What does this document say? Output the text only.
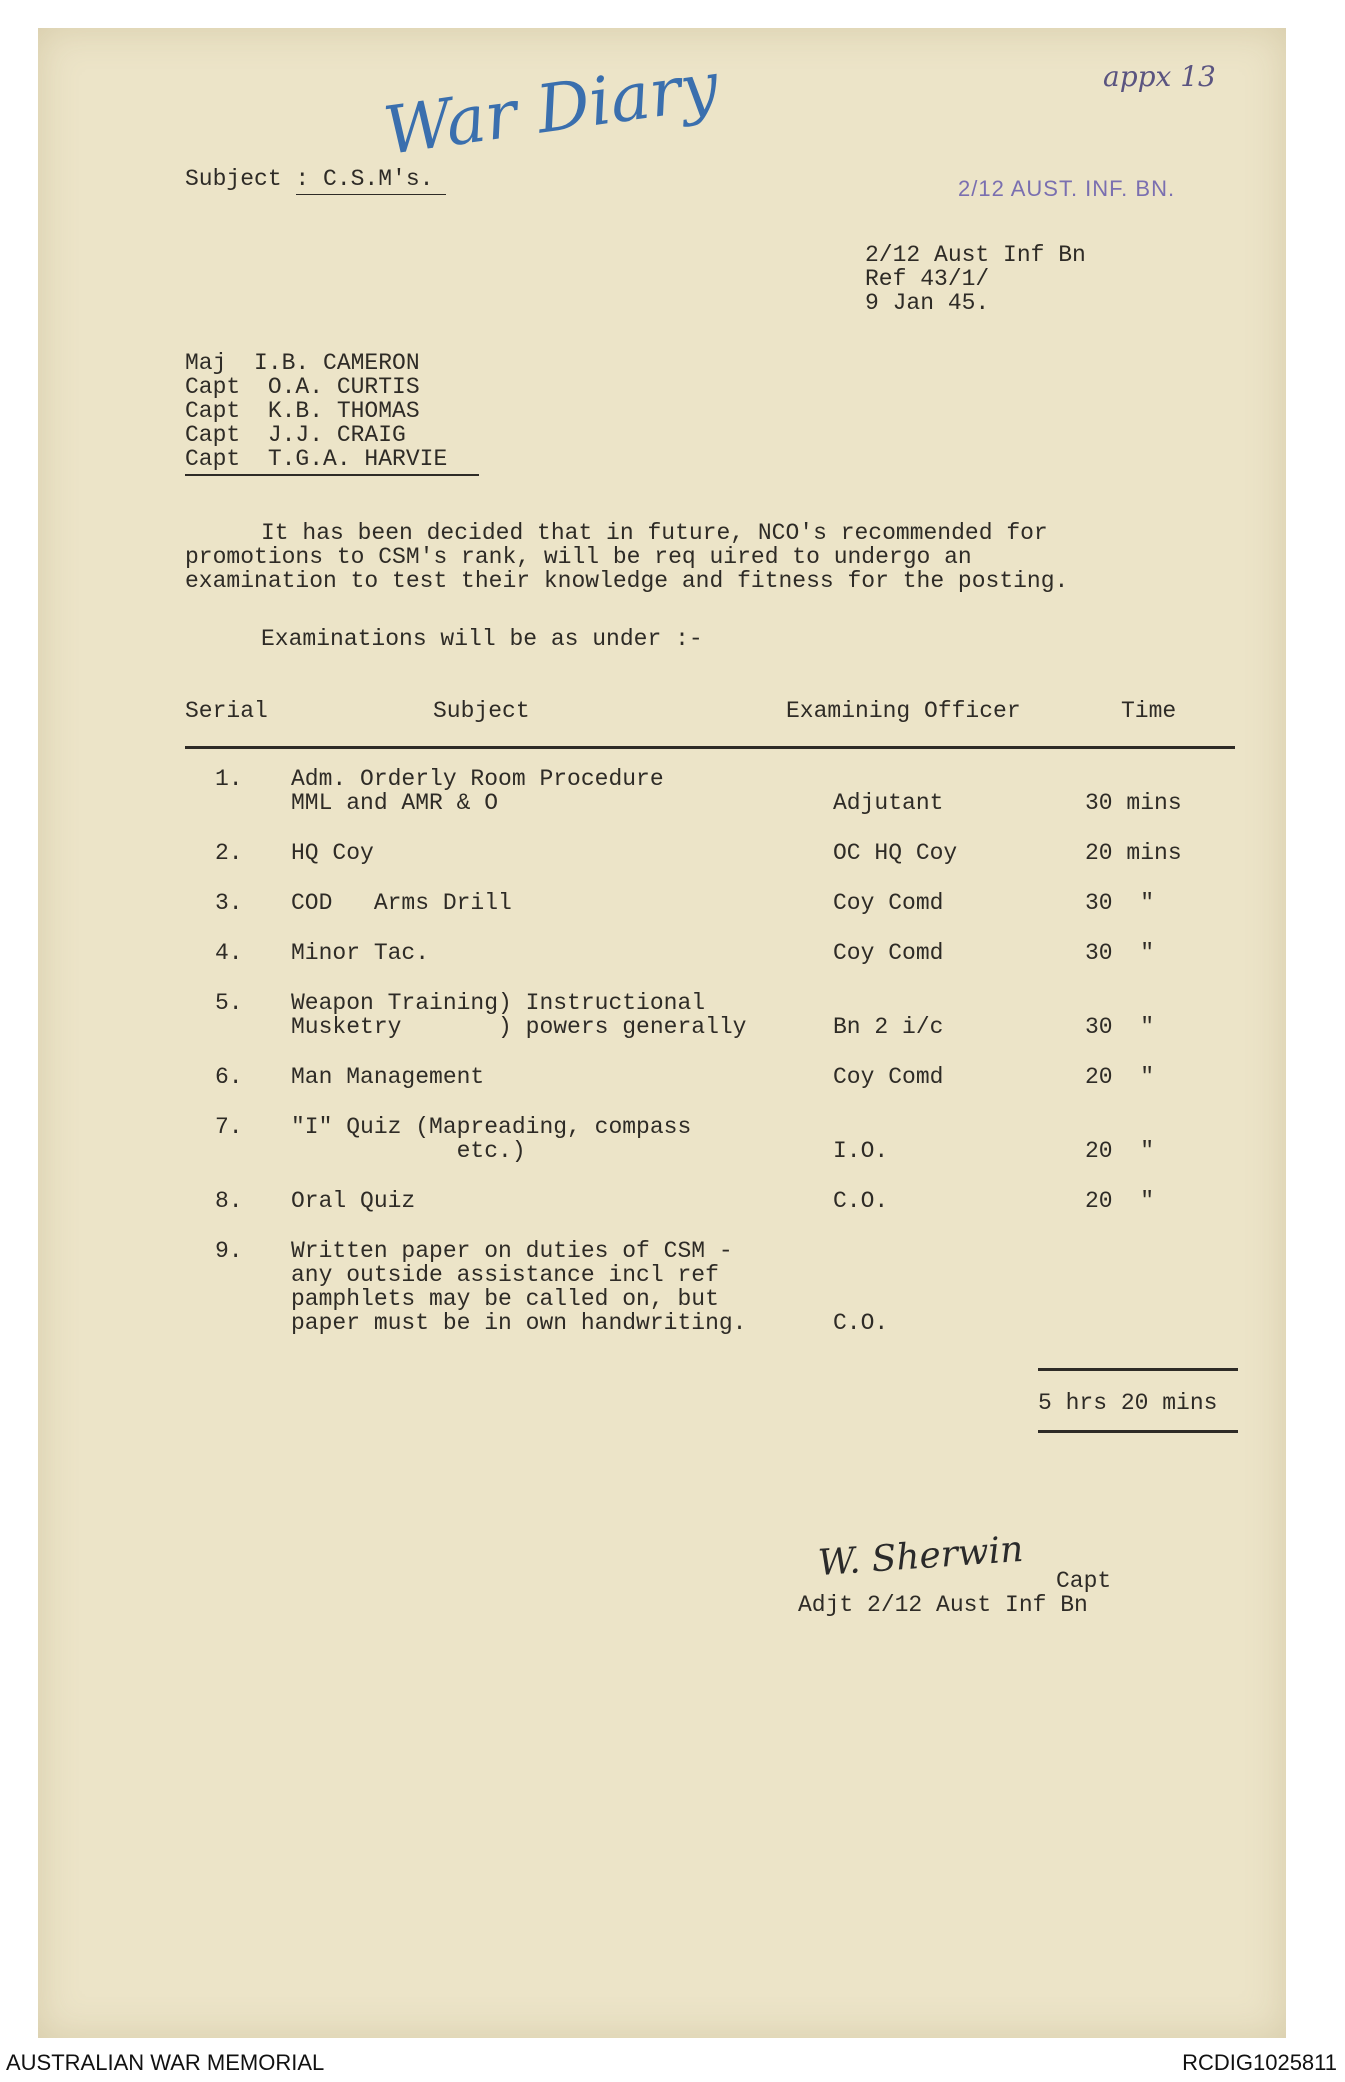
War Diary	appx 13
2/12 AUST. INF. BN.
Subject : C.S.M's.
2/12 Aust Inf Bn
Ref 43/1/
9 Jan 45.
Maj  I.B. CAMERON
Capt  O.A. CURTIS
Capt  K.B. THOMAS
Capt  J.J. CRAIG
Capt  T.G.A. HARVIE
It has been decided that in future, NCO's recommended for
promotions to CSM's rank, will be req uired to undergo an
examination to test their knowledge and fitness for the posting.
Examinations will be as under :-
Serial	Subject	Examining Officer	Time
1. Adm. Orderly Room Procedure
MML and AMR & O	Adjutant	30 mins
2. HQ Coy	OC HQ Coy	20 mins
3. COD   Arms Drill	Coy Comd	30  "
4. Minor Tac.	Coy Comd	30  "
5. Weapon Training) Instructional
Musketry       ) powers generally	Bn 2 i/c	30  "
6. Man Management	Coy Comd	20  "
7. "I" Quiz (Mapreading, compass
etc.)	I.O.	20  "
8. Oral Quiz	C.O.	20  "
9. Written paper on duties of CSM -
any outside assistance incl ref
pamphlets may be called on, but
paper must be in own handwriting.	C.O.
5 hrs 20 mins
W. Sherwin Capt
Adjt 2/12 Aust Inf Bn
AUSTRALIAN WAR MEMORIAL	RCDIG1025811
